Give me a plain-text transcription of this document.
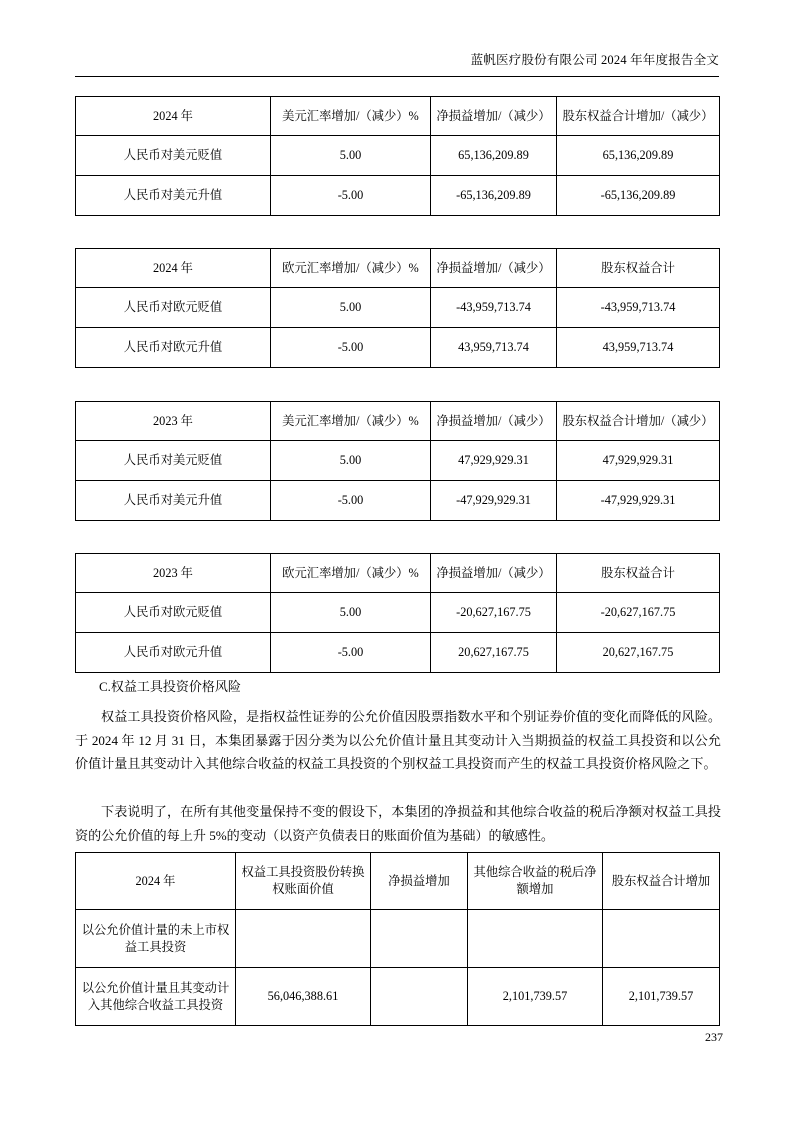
蓝帆医疗股份有限公司 2024 年年度报告全文
2024 年	美元汇率增加/（减少）%	净损益增加/（减少）	股东权益合计增加/（减少）
人民币对美元贬值	5.00	65,136,209.89	65,136,209.89
人民币对美元升值	-5.00	-65,136,209.89	-65,136,209.89
2024 年	欧元汇率增加/（减少）%	净损益增加/（减少）	股东权益合计
人民币对欧元贬值	5.00	-43,959,713.74	-43,959,713.74
人民币对欧元升值	-5.00	43,959,713.74	43,959,713.74
2023 年	美元汇率增加/（减少）%	净损益增加/（减少）	股东权益合计增加/（减少）
人民币对美元贬值	5.00	47,929,929.31	47,929,929.31
人民币对美元升值	-5.00	-47,929,929.31	-47,929,929.31
2023 年	欧元汇率增加/（减少）%	净损益增加/（减少）	股东权益合计
人民币对欧元贬值	5.00	-20,627,167.75	-20,627,167.75
人民币对欧元升值	-5.00	20,627,167.75	20,627,167.75
C.权益工具投资价格风险
权益工具投资价格风险，是指权益性证券的公允价值因股票指数水平和个别证券价值的变化而降低的风险。于 2024 年 12 月 31 日，本集团暴露于因分类为以公允价值计量且其变动计入当期损益的权益工具投资和以公允价值计量且其变动计入其他综合收益的权益工具投资的个别权益工具投资而产生的权益工具投资价格风险之下。
下表说明了，在所有其他变量保持不变的假设下，本集团的净损益和其他综合收益的税后净额对权益工具投资的公允价值的每上升 5%的变动（以资产负债表日的账面价值为基础）的敏感性。
2024 年	权益工具投资股份转换权账面价值	净损益增加	其他综合收益的税后净额增加	股东权益合计增加
以公允价值计量的未上市权益工具投资				
以公允价值计量且其变动计入其他综合收益工具投资	56,046,388.61		2,101,739.57	2,101,739.57
237
